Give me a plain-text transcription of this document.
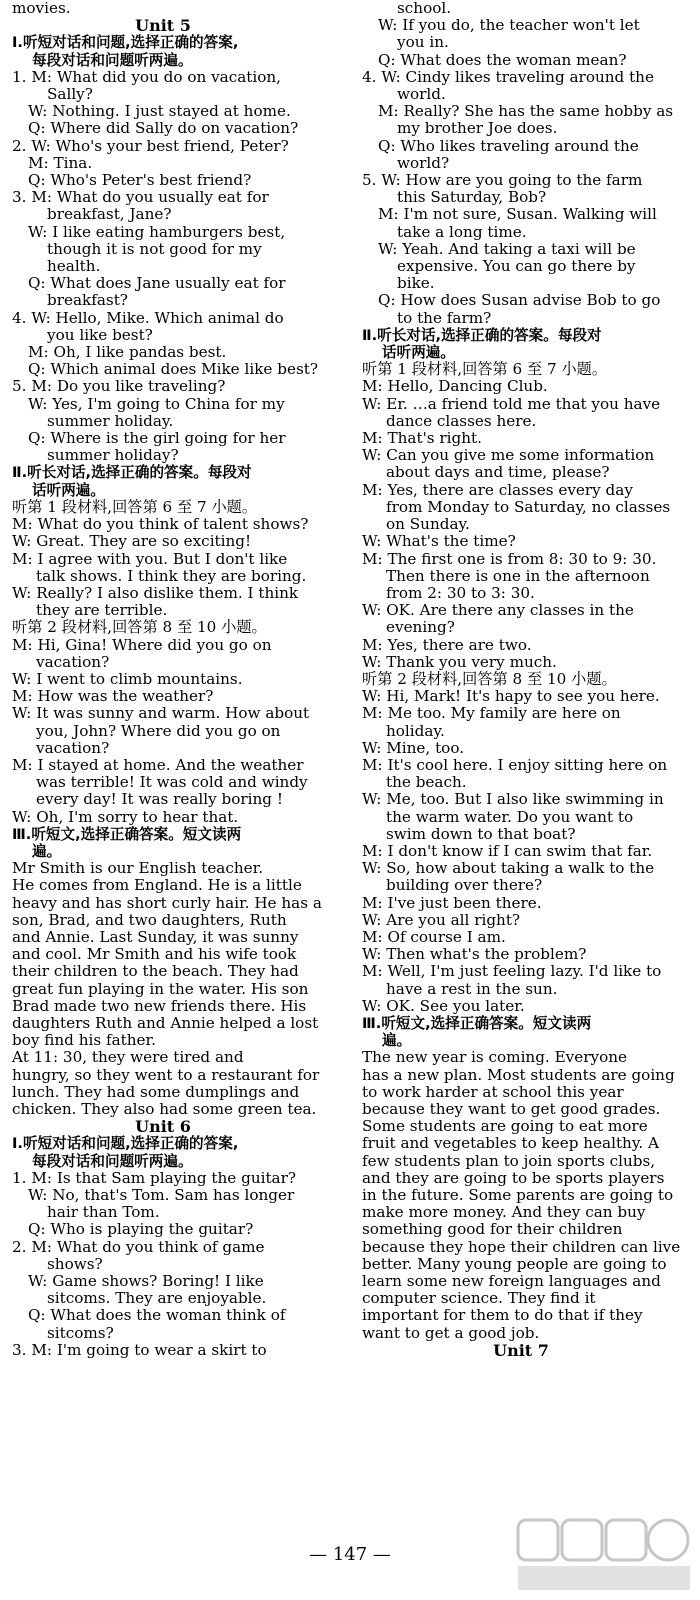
movies.
Unit 5
Ⅰ.听短对话和问题,选择正确的答案,
每段对话和问题听两遍。
1. M: What did you do on vacation,
Sally?
W: Nothing. I just stayed at home.
Q: Where did Sally do on vacation?
2. W: Who's your best friend, Peter?
M: Tina.
Q: Who's Peter's best friend?
3. M: What do you usually eat for
breakfast, Jane?
W: I like eating hamburgers best,
though it is not good for my
health.
Q: What does Jane usually eat for
breakfast?
4. W: Hello, Mike. Which animal do
you like best?
M: Oh, I like pandas best.
Q: Which animal does Mike like best?
5. M: Do you like traveling?
W: Yes, I'm going to China for my
summer holiday.
Q: Where is the girl going for her
summer holiday?
Ⅱ.听长对话,选择正确的答案。每段对
话听两遍。
听第 1 段材料,回答第 6 至 7 小题。
M: What do you think of talent shows?
W: Great. They are so exciting!
M: I agree with you. But I don't like
talk shows. I think they are boring.
W: Really? I also dislike them. I think
they are terrible.
听第 2 段材料,回答第 8 至 10 小题。
M: Hi, Gina! Where did you go on
vacation?
W: I went to climb mountains.
M: How was the weather?
W: It was sunny and warm. How about
you, John? Where did you go on
vacation?
M: I stayed at home. And the weather
was terrible! It was cold and windy
every day! It was really boring !
W: Oh, I'm sorry to hear that.
Ⅲ.听短文,选择正确答案。短文读两
遍。
Mr Smith is our English teacher.
He comes from England. He is a little
heavy and has short curly hair. He has a
son, Brad, and two daughters, Ruth
and Annie. Last Sunday, it was sunny
and cool. Mr Smith and his wife took
their children to the beach. They had
great fun playing in the water. His son
Brad made two new friends there. His
daughters Ruth and Annie helped a lost
boy find his father.
At 11: 30, they were tired and
hungry, so they went to a restaurant for
lunch. They had some dumplings and
chicken. They also had some green tea.
Unit 6
Ⅰ.听短对话和问题,选择正确的答案,
每段对话和问题听两遍。
1. M: Is that Sam playing the guitar?
W: No, that's Tom. Sam has longer
hair than Tom.
Q: Who is playing the guitar?
2. M: What do you think of game
shows?
W: Game shows? Boring! I like
sitcoms. They are enjoyable.
Q: What does the woman think of
sitcoms?
3. M: I'm going to wear a skirt to
school.
W: If you do, the teacher won't let
you in.
Q: What does the woman mean?
4. W: Cindy likes traveling around the
world.
M: Really? She has the same hobby as
my brother Joe does.
Q: Who likes traveling around the
world?
5. W: How are you going to the farm
this Saturday, Bob?
M: I'm not sure, Susan. Walking will
take a long time.
W: Yeah. And taking a taxi will be
expensive. You can go there by
bike.
Q: How does Susan advise Bob to go
to the farm?
Ⅱ.听长对话,选择正确的答案。每段对
话听两遍。
听第 1 段材料,回答第 6 至 7 小题。
M: Hello, Dancing Club.
W: Er. …a friend told me that you have
dance classes here.
M: That's right.
W: Can you give me some information
about days and time, please?
M: Yes, there are classes every day
from Monday to Saturday, no classes
on Sunday.
W: What's the time?
M: The first one is from 8: 30 to 9: 30.
Then there is one in the afternoon
from 2: 30 to 3: 30.
W: OK. Are there any classes in the
evening?
M: Yes, there are two.
W: Thank you very much.
听第 2 段材料,回答第 8 至 10 小题。
W: Hi, Mark! It's hapy to see you here.
M: Me too. My family are here on
holiday.
W: Mine, too.
M: It's cool here. I enjoy sitting here on
the beach.
W: Me, too. But I also like swimming in
the warm water. Do you want to
swim down to that boat?
M: I don't know if I can swim that far.
W: So, how about taking a walk to the
building over there?
M: I've just been there.
W: Are you all right?
M: Of course I am.
W: Then what's the problem?
M: Well, I'm just feeling lazy. I'd like to
have a rest in the sun.
W: OK. See you later.
Ⅲ.听短文,选择正确答案。短文读两
遍。
The new year is coming. Everyone
has a new plan. Most students are going
to work harder at school this year
because they want to get good grades.
Some students are going to eat more
fruit and vegetables to keep healthy. A
few students plan to join sports clubs,
and they are going to be sports players
in the future. Some parents are going to
make more money. And they can buy
something good for their children
because they hope their children can live
better. Many young people are going to
learn some new foreign languages and
computer science. They find it
important for them to do that if they
want to get a good job.
Unit 7
— 147 —
